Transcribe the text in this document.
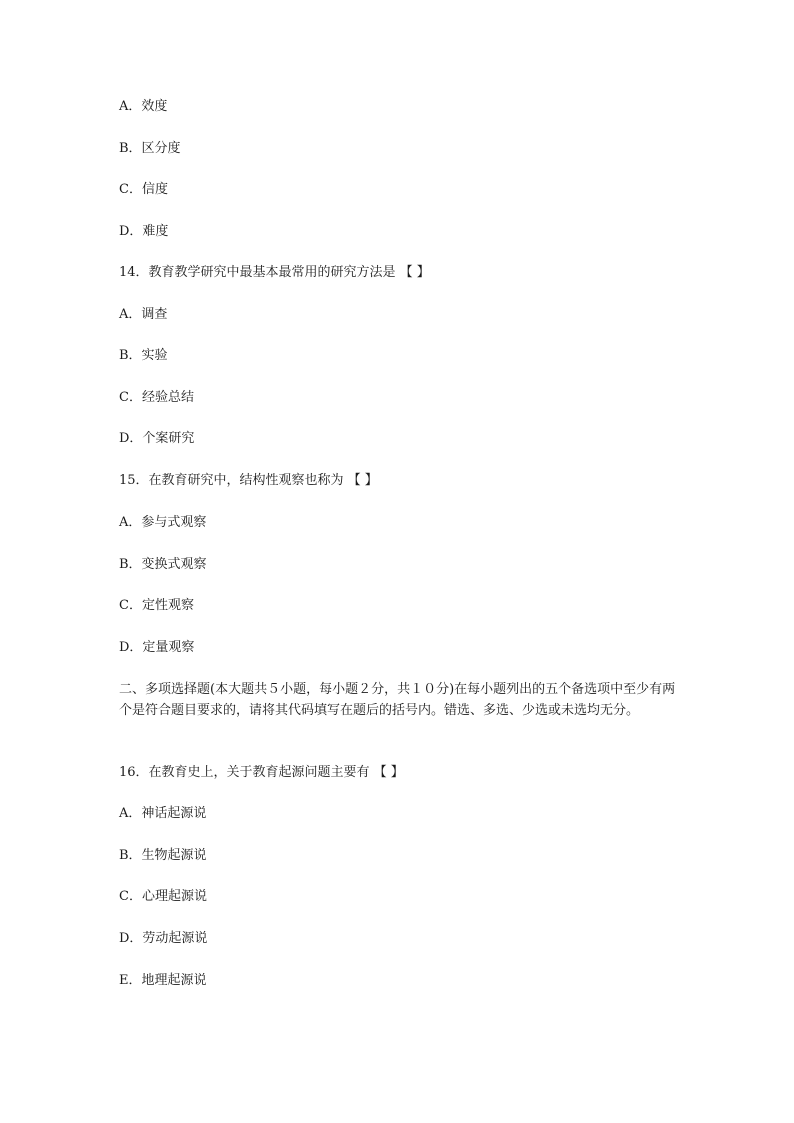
A．效度
B．区分度
C．信度
D．难度
14．教育教学研究中最基本最常用的研究方法是 【 】
A．调查
B．实验
C．经验总结
D．个案研究
15．在教育研究中，结构性观察也称为 【 】
A．参与式观察
B．变换式观察
C．定性观察
D．定量观察
二、多项选择题(本大题共５小题，每小题２分，共１０分)在每小题列出的五个备选项中至少有两个是符合题目要求的，请将其代码填写在题后的括号内。错选、多选、少选或未选均无分。
16．在教育史上，关于教育起源问题主要有 【 】
A．神话起源说
B．生物起源说
C．心理起源说
D．劳动起源说
E．地理起源说
